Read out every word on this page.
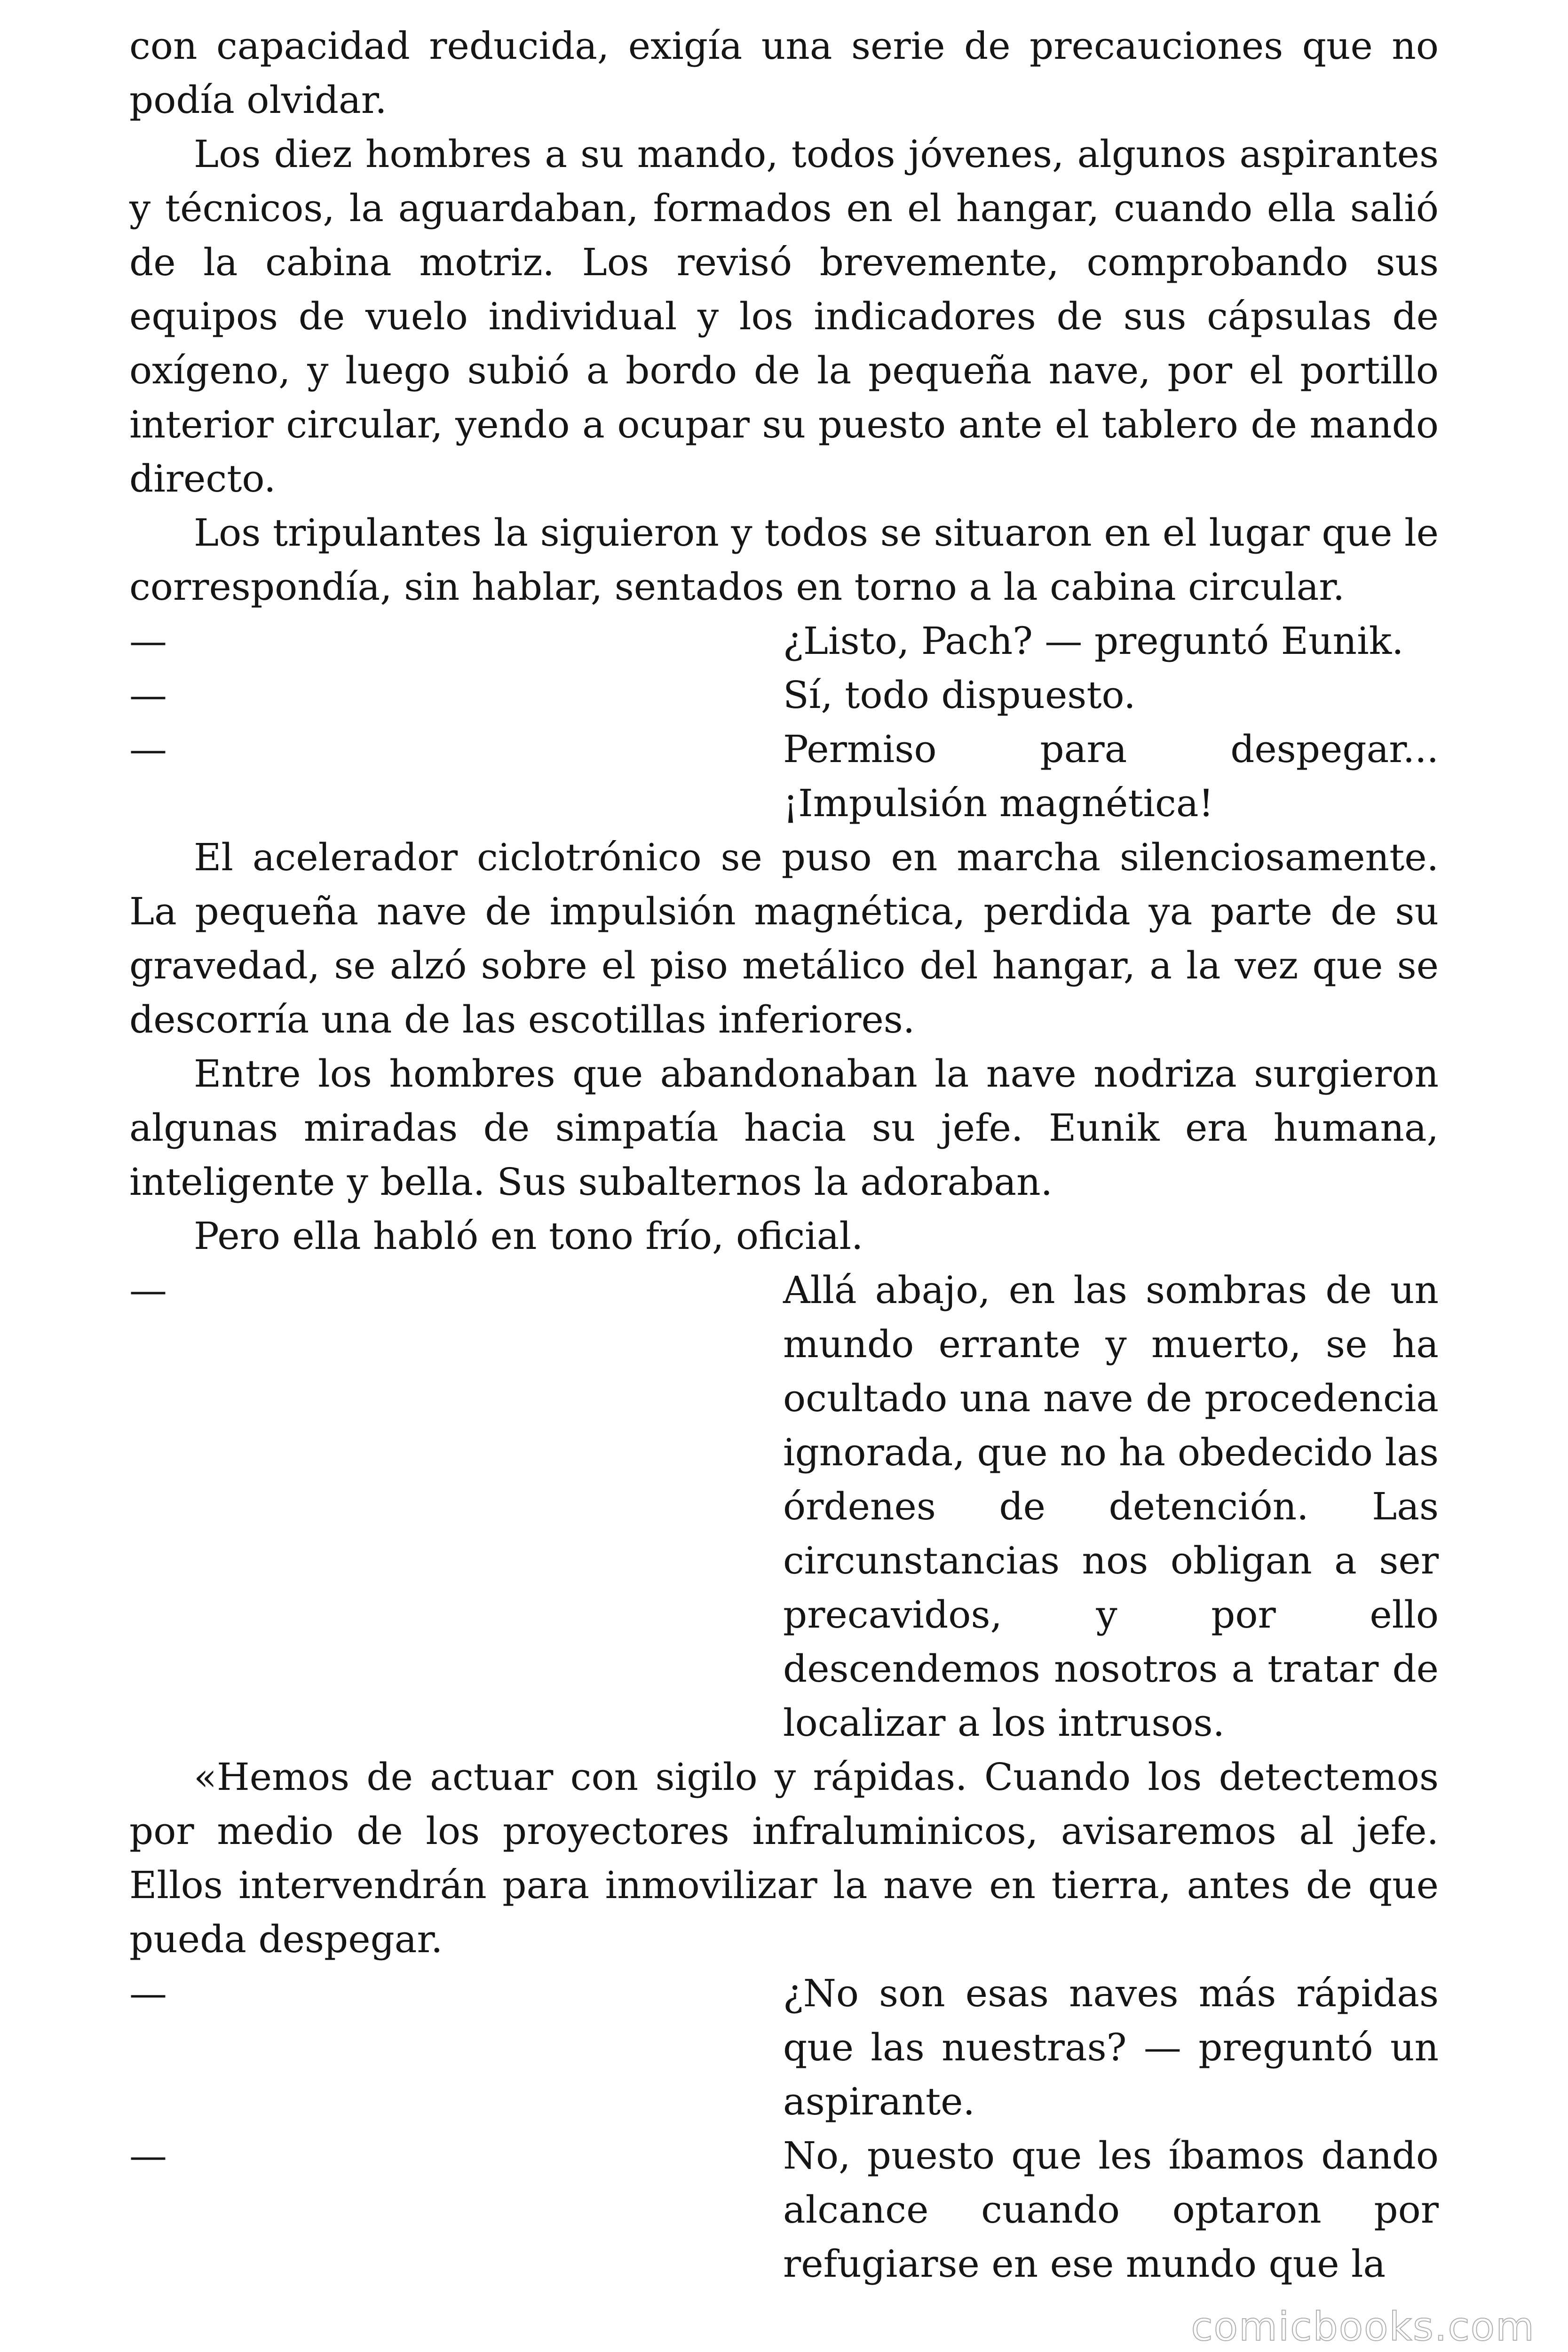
con capacidad reducida, exigía una serie de precauciones que no podía olvidar.

Los diez hombres a su mando, todos jóvenes, algunos aspirantes y técnicos, la aguardaban, formados en el hangar, cuando ella salió de la cabina motriz. Los revisó brevemente, comprobando sus equipos de vuelo individual y los indicadores de sus cápsulas de oxígeno, y luego subió a bordo de la pequeña nave, por el portillo interior circular, yendo a ocupar su puesto ante el tablero de mando directo.

Los tripulantes la siguieron y todos se situaron en el lugar que le correspondía, sin hablar, sentados en torno a la cabina circular.

—	¿Listo, Pach? — preguntó Eunik.
—	Sí, todo dispuesto.
—	Permiso para despegar... ¡Impulsión magnética!

El acelerador ciclotrónico se puso en marcha silenciosamente. La pequeña nave de impulsión magnética, perdida ya parte de su gravedad, se alzó sobre el piso metálico del hangar, a la vez que se descorría una de las escotillas inferiores.

Entre los hombres que abandonaban la nave nodriza surgieron algunas miradas de simpatía hacia su jefe. Eunik era humana, inteligente y bella. Sus subalternos la adoraban.

Pero ella habló en tono frío, oficial.

—	Allá abajo, en las sombras de un mundo errante y muerto, se ha ocultado una nave de procedencia ignorada, que no ha obedecido las órdenes de detención. Las circunstancias nos obligan a ser precavidos, y por ello descendemos nosotros a tratar de localizar a los intrusos.

«Hemos de actuar con sigilo y rápidas. Cuando los detectemos por medio de los proyectores infraluminicos, avisaremos al jefe. Ellos intervendrán para inmovilizar la nave en tierra, antes de que pueda despegar.

—	¿No son esas naves más rápidas que las nuestras? — preguntó un aspirante.
—	No, puesto que les íbamos dando alcance cuando optaron por refugiarse en ese mundo que la
comicbooks.com
